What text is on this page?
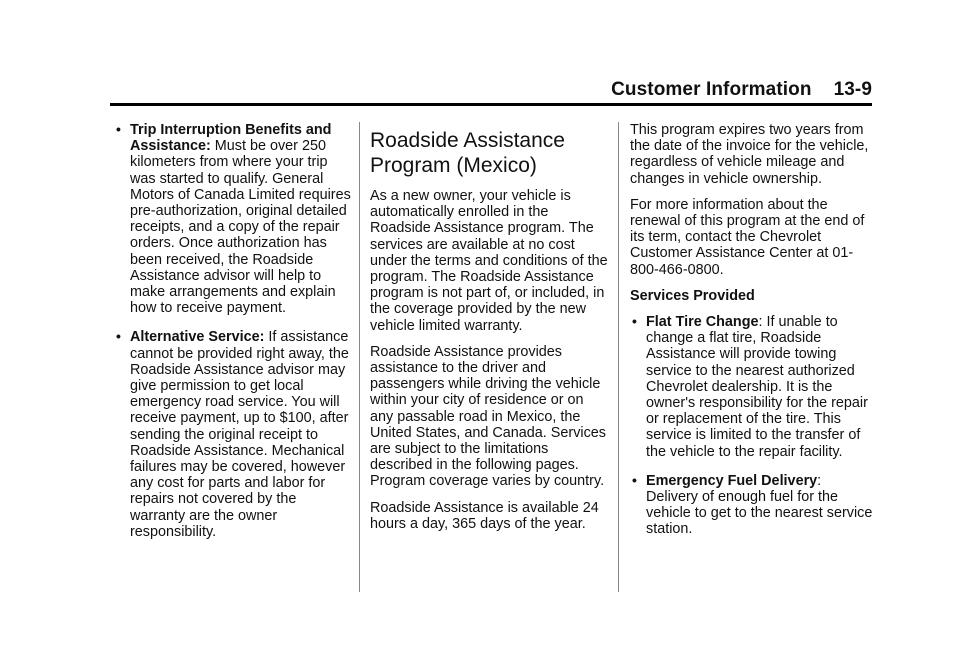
Customer Information 13-9
• Trip Interruption Benefits and Assistance: Must be over 250 kilometers from where your trip was started to qualify. General Motors of Canada Limited requires pre-authorization, original detailed receipts, and a copy of the repair orders. Once authorization has been received, the Roadside Assistance advisor will help to make arrangements and explain how to receive payment.
• Alternative Service: If assistance cannot be provided right away, the Roadside Assistance advisor may give permission to get local emergency road service. You will receive payment, up to $100, after sending the original receipt to Roadside Assistance. Mechanical failures may be covered, however any cost for parts and labor for repairs not covered by the warranty are the owner responsibility.
Roadside Assistance Program (Mexico)

As a new owner, your vehicle is automatically enrolled in the Roadside Assistance program. The services are available at no cost under the terms and conditions of the program. The Roadside Assistance program is not part of, or included, in the coverage provided by the new vehicle limited warranty.

Roadside Assistance provides assistance to the driver and passengers while driving the vehicle within your city of residence or on any passable road in Mexico, the United States, and Canada. Services are subject to the limitations described in the following pages. Program coverage varies by country.

Roadside Assistance is available 24 hours a day, 365 days of the year.

This program expires two years from the date of the invoice for the vehicle, regardless of vehicle mileage and changes in vehicle ownership.

For more information about the renewal of this program at the end of its term, contact the Chevrolet Customer Assistance Center at 01-800-466-0800.

Services Provided
• Flat Tire Change: If unable to change a flat tire, Roadside Assistance will provide towing service to the nearest authorized Chevrolet dealership. It is the owner's responsibility for the repair or replacement of the tire. This service is limited to the transfer of the vehicle to the repair facility.
• Emergency Fuel Delivery: Delivery of enough fuel for the vehicle to get to the nearest service station.
